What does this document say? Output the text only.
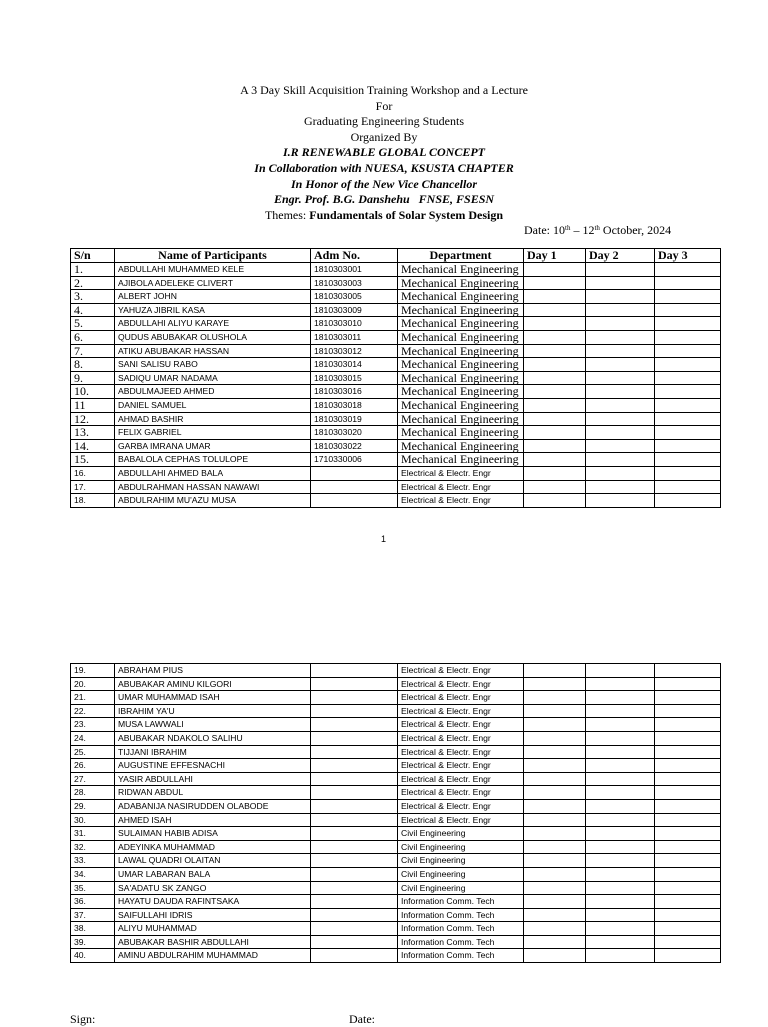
A 3 Day Skill Acquisition Training Workshop and a Lecture
For
Graduating Engineering Students
Organized By
I.R RENEWABLE GLOBAL CONCEPT
In Collaboration with NUESA, KSUSTA CHAPTER
In Honor of the New Vice Chancellor
Engr. Prof. B.G. Danshehu   FNSE, FSESN
Themes: Fundamentals of Solar System Design
Date: 10th – 12th October, 2024
S/n	Name of Participants	Adm No.	Department	Day 1	Day 2	Day 3
1.	ABDULLAHI MUHAMMED KELE	1810303001	Mechanical Engineering			
2.	AJIBOLA ADELEKE CLIVERT	1810303003	Mechanical Engineering			
3.	ALBERT JOHN	1810303005	Mechanical Engineering			
4.	YAHUZA JIBRIL KASA	1810303009	Mechanical Engineering			
5.	ABDULLAHI ALIYU KARAYE	1810303010	Mechanical Engineering			
6.	QUDUS ABUBAKAR OLUSHOLA	1810303011	Mechanical Engineering			
7.	ATIKU ABUBAKAR HASSAN	1810303012	Mechanical Engineering			
8.	SANI SALISU RABO	1810303014	Mechanical Engineering			
9.	SADIQU UMAR NADAMA	1810303015	Mechanical Engineering			
10.	ABDULMAJEED AHMED	1810303016	Mechanical Engineering			
11	DANIEL SAMUEL	1810303018	Mechanical Engineering			
12.	AHMAD BASHIR	1810303019	Mechanical Engineering			
13.	FELIX GABRIEL	1810303020	Mechanical Engineering			
14.	GARBA IMRANA UMAR	1810303022	Mechanical Engineering			
15.	BABALOLA CEPHAS TOLULOPE	1710330006	Mechanical Engineering			
16.	ABDULLAHI AHMED BALA		Electrical & Electr. Engr			
17.	ABDULRAHMAN HASSAN NAWAWI		Electrical & Electr. Engr			
18.	ABDULRAHIM MU'AZU MUSA		Electrical & Electr. Engr			
1
19.	ABRAHAM PIUS		Electrical & Electr. Engr			
20.	ABUBAKAR AMINU KILGORI		Electrical & Electr. Engr			
21.	UMAR MUHAMMAD ISAH		Electrical & Electr. Engr			
22.	IBRAHIM YA'U		Electrical & Electr. Engr			
23.	MUSA LAWWALI		Electrical & Electr. Engr			
24.	ABUBAKAR NDAKOLO SALIHU		Electrical & Electr. Engr			
25.	TIJJANI IBRAHIM		Electrical & Electr. Engr			
26.	AUGUSTINE EFFESNACHI		Electrical & Electr. Engr			
27.	YASIR ABDULLAHI		Electrical & Electr. Engr			
28.	RIDWAN ABDUL		Electrical & Electr. Engr			
29.	ADABANIJA NASIRUDDEN OLABODE		Electrical & Electr. Engr			
30.	AHMED ISAH		Electrical & Electr. Engr			
31.	SULAIMAN HABIB ADISA		Civil Engineering			
32.	ADEYINKA MUHAMMAD		Civil Engineering			
33.	LAWAL QUADRI OLAITAN		Civil Engineering			
34.	UMAR LABARAN BALA		Civil Engineering			
35.	SA'ADATU SK ZANGO		Civil Engineering			
36.	HAYATU DAUDA RAFINTSAKA		Information Comm. Tech			
37.	SAIFULLAHI IDRIS		Information Comm. Tech			
38.	ALIYU MUHAMMAD		Information Comm. Tech			
39.	ABUBAKAR BASHIR ABDULLAHI		Information Comm. Tech			
40.	AMINU ABDULRAHIM MUHAMMAD		Information Comm. Tech			
Sign:	Date:
